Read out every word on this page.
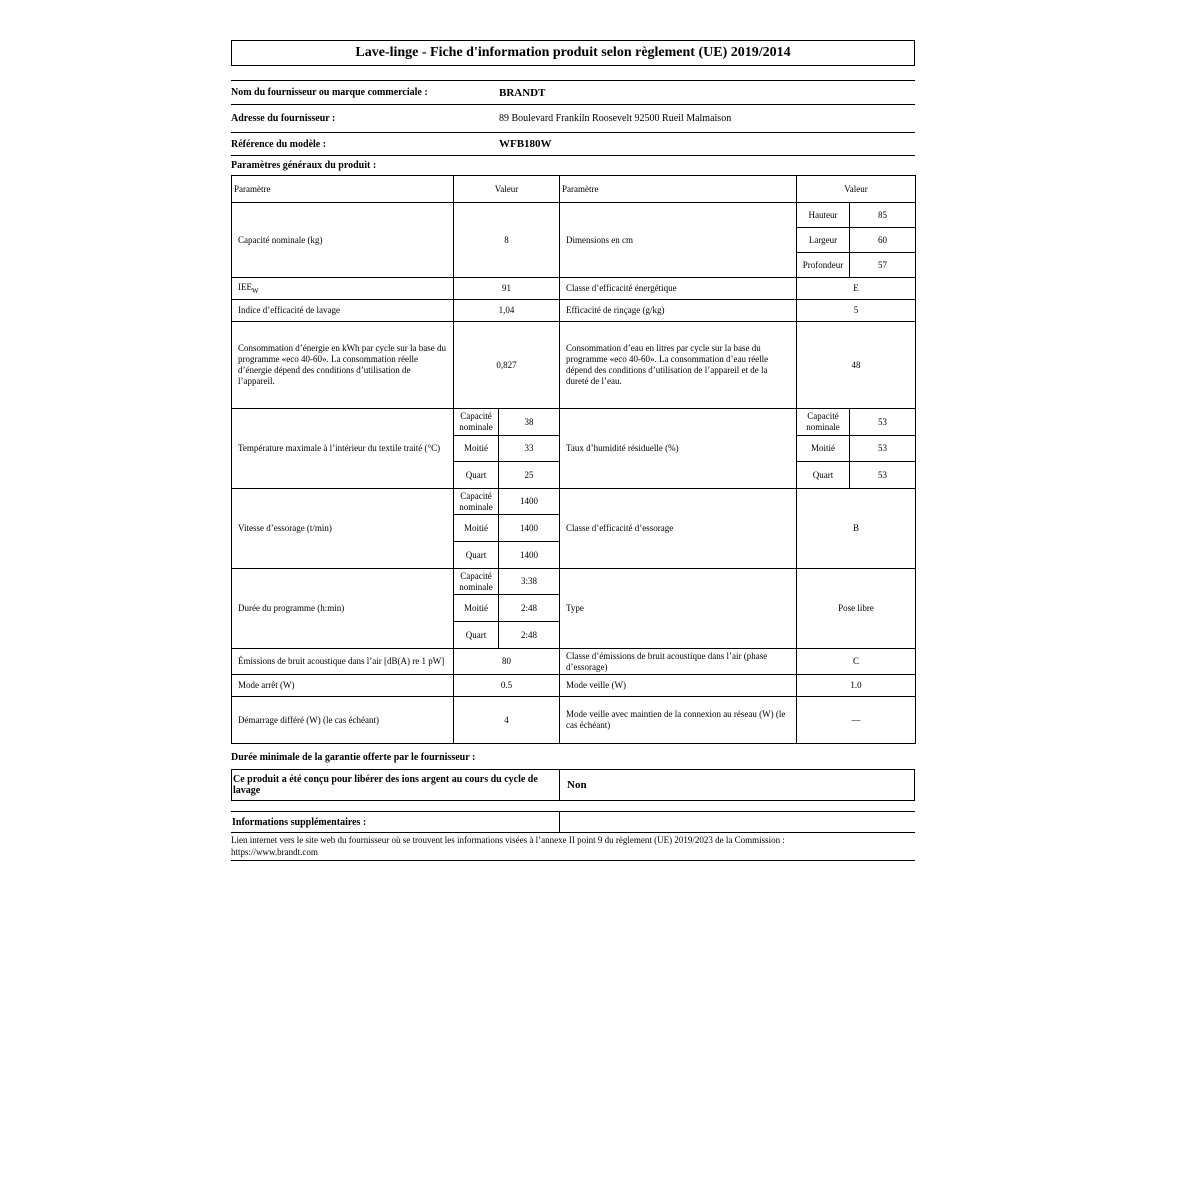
Lave-linge - Fiche d'information produit selon règlement (UE) 2019/2014
Nom du fournisseur ou marque commerciale :	BRANDT
Adresse du fournisseur :	89 Boulevard Frankiln Roosevelt 92500 Rueil Malmaison
Référence du modèle :	WFB180W
Paramètres généraux du produit :
Paramètre	Valeur		Paramètre	Valeur	
Capacité nominale (kg)	8		Dimensions en cm	Hauteur	85
				Largeur	60
				Profondeur	57
$IEE_W$	91		Classe d’efficacité énergétique	E	
Indice d’efficacité de lavage	1,04		Efficacité de rinçage (g/kg)	5	
Consommation d’énergie en kWh par cycle sur la base du programme «eco 40-60». La consommation réelle d’énergie dépend des conditions d’utilisation de l’appareil.	0,827		Consommation d’eau en litres par cycle sur la base du programme «eco 40-60». La consommation d’eau réelle dépend des conditions d’utilisation de l’appareil et de la dureté de l’eau.	48	
Température maximale à l’intérieur du textile traité (°C)	Capacité nominale	38	Taux d’humidité résiduelle (%)	Capacité nominale	53
	Moitié	33		Moitié	53
	Quart	25		Quart	53
Vitesse d’essorage (t/min)	Capacité nominale	1400	Classe d’efficacité d’essorage	B	
	Moitié	1400			
	Quart	1400			
Durée du programme (h:min)	Capacité nominale	3:38	Type	Pose libre	
	Moitié	2:48			
	Quart	2:48			
Émissions de bruit acoustique dans l’air [dB(A) re 1 pW]	80		Classe d’émissions de bruit acoustique dans l’air (phase d’essorage)	C	
Mode arrêt (W)	0.5		Mode veille (W)	1.0	
Démarrage différé (W) (le cas échéant)	4		Mode veille avec maintien de la connexion au réseau (W) (le cas échéant)	—	
Durée minimale de la garantie offerte par le fournisseur :
Ce produit a été conçu pour libérer des ions argent au cours du cycle de lavage	Non
Informations supplémentaires :
Lien internet vers le site web du fournisseur où se trouvent les informations visées à l’annexe II point 9 du règlement (UE) 2019/2023 de la Commission :
https://www.brandt.com
